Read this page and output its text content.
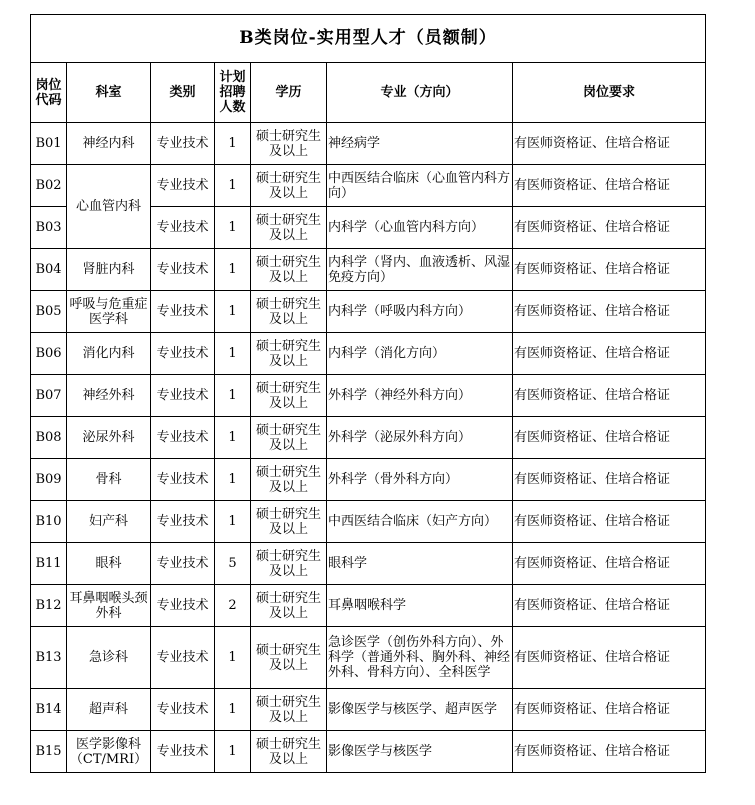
B类岗位-实用型人才（员额制）						
岗位代码	科室	类别	计划招聘人数	学历	专业（方向）	岗位要求
B01	神经内科	专业技术	1	硕士研究生及以上	神经病学	有医师资格证、住培合格证
B02	心血管内科	专业技术	1	硕士研究生及以上	中西医结合临床（心血管内科方向）	有医师资格证、住培合格证
B03		专业技术	1	硕士研究生及以上	内科学（心血管内科方向）	有医师资格证、住培合格证
B04	肾脏内科	专业技术	1	硕士研究生及以上	内科学（肾内、血液透析、风湿免疫方向）	有医师资格证、住培合格证
B05	呼吸与危重症医学科	专业技术	1	硕士研究生及以上	内科学（呼吸内科方向）	有医师资格证、住培合格证
B06	消化内科	专业技术	1	硕士研究生及以上	内科学（消化方向）	有医师资格证、住培合格证
B07	神经外科	专业技术	1	硕士研究生及以上	外科学（神经外科方向）	有医师资格证、住培合格证
B08	泌尿外科	专业技术	1	硕士研究生及以上	外科学（泌尿外科方向）	有医师资格证、住培合格证
B09	骨科	专业技术	1	硕士研究生及以上	外科学（骨外科方向）	有医师资格证、住培合格证
B10	妇产科	专业技术	1	硕士研究生及以上	中西医结合临床（妇产方向）	有医师资格证、住培合格证
B11	眼科	专业技术	5	硕士研究生及以上	眼科学	有医师资格证、住培合格证
B12	耳鼻咽喉头颈外科	专业技术	2	硕士研究生及以上	耳鼻咽喉科学	有医师资格证、住培合格证
B13	急诊科	专业技术	1	硕士研究生及以上	急诊医学（创伤外科方向）、外科学（普通外科、胸外科、神经外科、骨科方向）、全科医学	有医师资格证、住培合格证
B14	超声科	专业技术	1	硕士研究生及以上	影像医学与核医学、超声医学	有医师资格证、住培合格证
B15	医学影像科（CT/MRI）	专业技术	1	硕士研究生及以上	影像医学与核医学	有医师资格证、住培合格证
